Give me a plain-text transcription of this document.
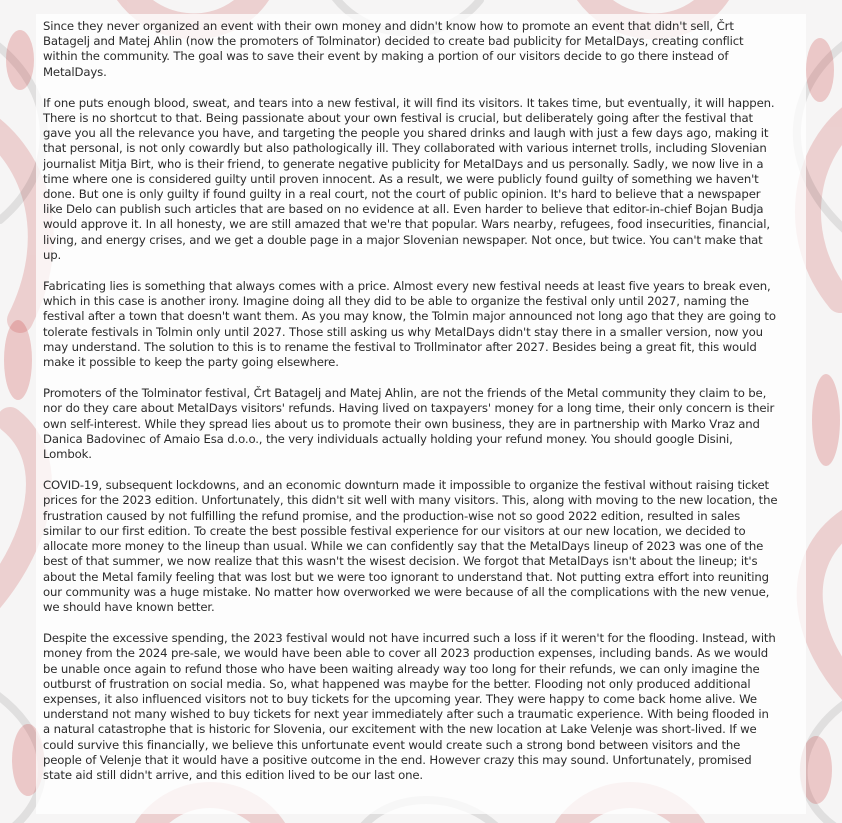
Since they never organized an event with their own money and didn't know how to promote an event that didn't sell, Črt Batagelj and Matej Ahlin (now the promoters of Tolminator) decided to create bad publicity for MetalDays, creating conflict within the community. The goal was to save their event by making a portion of our visitors decide to go there instead of MetalDays.

If one puts enough blood, sweat, and tears into a new festival, it will find its visitors. It takes time, but eventually, it will happen. There is no shortcut to that. Being passionate about your own festival is crucial, but deliberately going after the festival that gave you all the relevance you have, and targeting the people you shared drinks and laugh with just a few days ago, making it that personal, is not only cowardly but also pathologically ill. They collaborated with various internet trolls, including Slovenian journalist Mitja Birt, who is their friend, to generate negative publicity for MetalDays and us personally. Sadly, we now live in a time where one is considered guilty until proven innocent. As a result, we were publicly found guilty of something we haven't done. But one is only guilty if found guilty in a real court, not the court of public opinion. It's hard to believe that a newspaper like Delo can publish such articles that are based on no evidence at all. Even harder to believe that editor-in-chief Bojan Budja would approve it. In all honesty, we are still amazed that we're that popular. Wars nearby, refugees, food insecurities, financial, living, and energy crises, and we get a double page in a major Slovenian newspaper. Not once, but twice. You can't make that up.

Fabricating lies is something that always comes with a price. Almost every new festival needs at least five years to break even, which in this case is another irony. Imagine doing all they did to be able to organize the festival only until 2027, naming the festival after a town that doesn't want them. As you may know, the Tolmin major announced not long ago that they are going to tolerate festivals in Tolmin only until 2027. Those still asking us why MetalDays didn't stay there in a smaller version, now you may understand. The solution to this is to rename the festival to Trollminator after 2027. Besides being a great fit, this would make it possible to keep the party going elsewhere.

Promoters of the Tolminator festival, Črt Batagelj and Matej Ahlin, are not the friends of the Metal community they claim to be, nor do they care about MetalDays visitors' refunds. Having lived on taxpayers' money for a long time, their only concern is their own self-interest. While they spread lies about us to promote their own business, they are in partnership with Marko Vraz and Danica Badovinec of Amaio Esa d.o.o., the very individuals actually holding your refund money. You should google Disini, Lombok.

COVID-19, subsequent lockdowns, and an economic downturn made it impossible to organize the festival without raising ticket prices for the 2023 edition. Unfortunately, this didn't sit well with many visitors. This, along with moving to the new location, the frustration caused by not fulfilling the refund promise, and the production-wise not so good 2022 edition, resulted in sales similar to our first edition. To create the best possible festival experience for our visitors at our new location, we decided to allocate more money to the lineup than usual. While we can confidently say that the MetalDays lineup of 2023 was one of the best of that summer, we now realize that this wasn't the wisest decision. We forgot that MetalDays isn't about the lineup; it's about the Metal family feeling that was lost but we were too ignorant to understand that. Not putting extra effort into reuniting our community was a huge mistake. No matter how overworked we were because of all the complications with the new venue, we should have known better.

Despite the excessive spending, the 2023 festival would not have incurred such a loss if it weren't for the flooding. Instead, with money from the 2024 pre-sale, we would have been able to cover all 2023 production expenses, including bands. As we would be unable once again to refund those who have been waiting already way too long for their refunds, we can only imagine the outburst of frustration on social media. So, what happened was maybe for the better. Flooding not only produced additional expenses, it also influenced visitors not to buy tickets for the upcoming year. They were happy to come back home alive. We understand not many wished to buy tickets for next year immediately after such a traumatic experience. With being flooded in a natural catastrophe that is historic for Slovenia, our excitement with the new location at Lake Velenje was short-lived. If we could survive this financially, we believe this unfortunate event would create such a strong bond between visitors and the people of Velenje that it would have a positive outcome in the end. However crazy this may sound. Unfortunately, promised state aid still didn't arrive, and this edition lived to be our last one.
